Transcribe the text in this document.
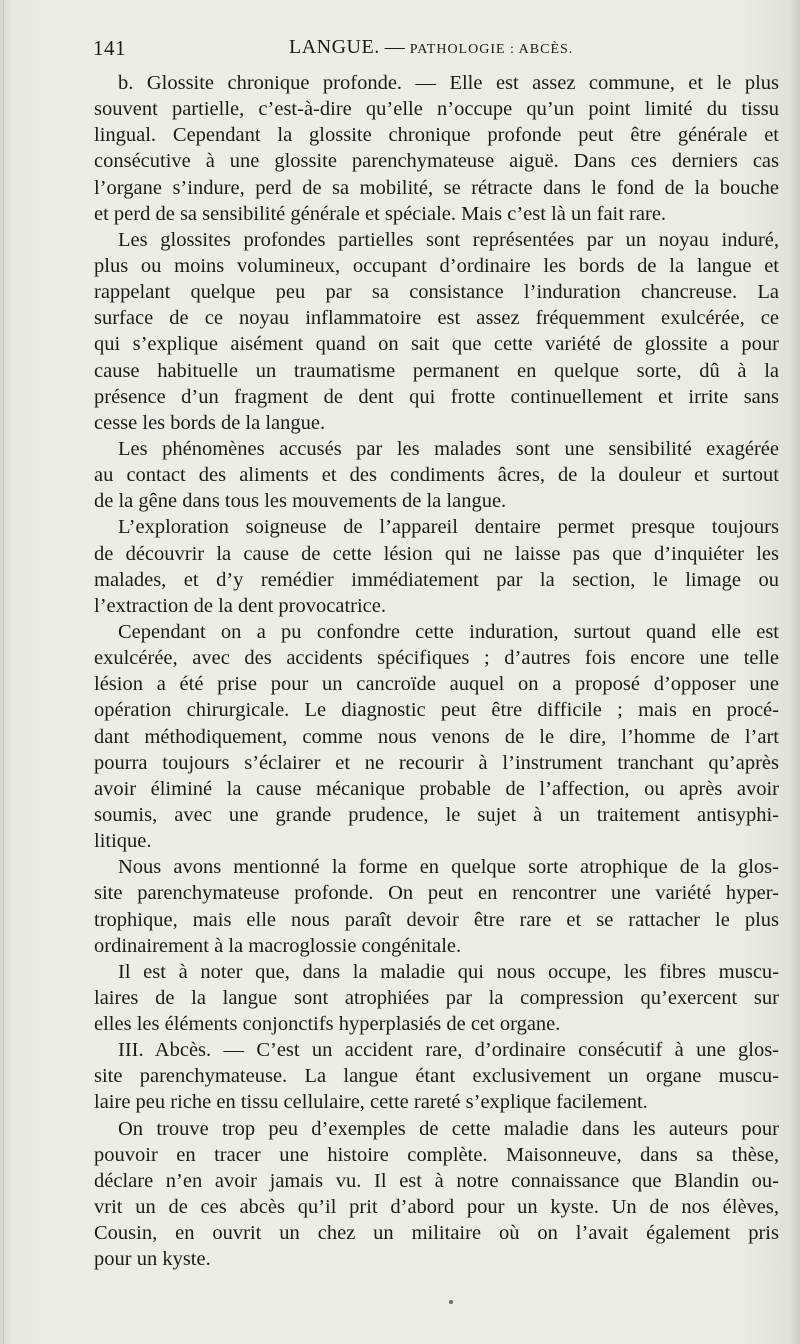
141	LANGUE. — PATHOLOGIE : ABCÈS.
b. Glossite chronique profonde. — Elle est assez commune, et le plus
souvent partielle, c’est-à-dire qu’elle n’occupe qu’un point limité du tissu
lingual. Cependant la glossite chronique profonde peut être générale et
consécutive à une glossite parenchymateuse aiguë. Dans ces derniers cas
l’organe s’indure, perd de sa mobilité, se rétracte dans le fond de la bouche
et perd de sa sensibilité générale et spéciale. Mais c’est là un fait rare.
Les glossites profondes partielles sont représentées par un noyau induré,
plus ou moins volumineux, occupant d’ordinaire les bords de la langue et
rappelant quelque peu par sa consistance l’induration chancreuse. La
surface de ce noyau inflammatoire est assez fréquemment exulcérée, ce
qui s’explique aisément quand on sait que cette variété de glossite a pour
cause habituelle un traumatisme permanent en quelque sorte, dû à la
présence d’un fragment de dent qui frotte continuellement et irrite sans
cesse les bords de la langue.
Les phénomènes accusés par les malades sont une sensibilité exagérée
au contact des aliments et des condiments âcres, de la douleur et surtout
de la gêne dans tous les mouvements de la langue.
L’exploration soigneuse de l’appareil dentaire permet presque toujours
de découvrir la cause de cette lésion qui ne laisse pas que d’inquiéter les
malades, et d’y remédier immédiatement par la section, le limage ou
l’extraction de la dent provocatrice.
Cependant on a pu confondre cette induration, surtout quand elle est
exulcérée, avec des accidents spécifiques ; d’autres fois encore une telle
lésion a été prise pour un cancroïde auquel on a proposé d’opposer une
opération chirurgicale. Le diagnostic peut être difficile ; mais en procé-
dant méthodiquement, comme nous venons de le dire, l’homme de l’art
pourra toujours s’éclairer et ne recourir à l’instrument tranchant qu’après
avoir éliminé la cause mécanique probable de l’affection, ou après avoir
soumis, avec une grande prudence, le sujet à un traitement antisyphi-
litique.
Nous avons mentionné la forme en quelque sorte atrophique de la glos-
site parenchymateuse profonde. On peut en rencontrer une variété hyper-
trophique, mais elle nous paraît devoir être rare et se rattacher le plus
ordinairement à la macroglossie congénitale.
Il est à noter que, dans la maladie qui nous occupe, les fibres muscu-
laires de la langue sont atrophiées par la compression qu’exercent sur
elles les éléments conjonctifs hyperplasiés de cet organe.
III. Abcès. — C’est un accident rare, d’ordinaire consécutif à une glos-
site parenchymateuse. La langue étant exclusivement un organe muscu-
laire peu riche en tissu cellulaire, cette rareté s’explique facilement.
On trouve trop peu d’exemples de cette maladie dans les auteurs pour
pouvoir en tracer une histoire complète. Maisonneuve, dans sa thèse,
déclare n’en avoir jamais vu. Il est à notre connaissance que Blandin ou-
vrit un de ces abcès qu’il prit d’abord pour un kyste. Un de nos élèves,
Cousin, en ouvrit un chez un militaire où on l’avait également pris
pour un kyste.
